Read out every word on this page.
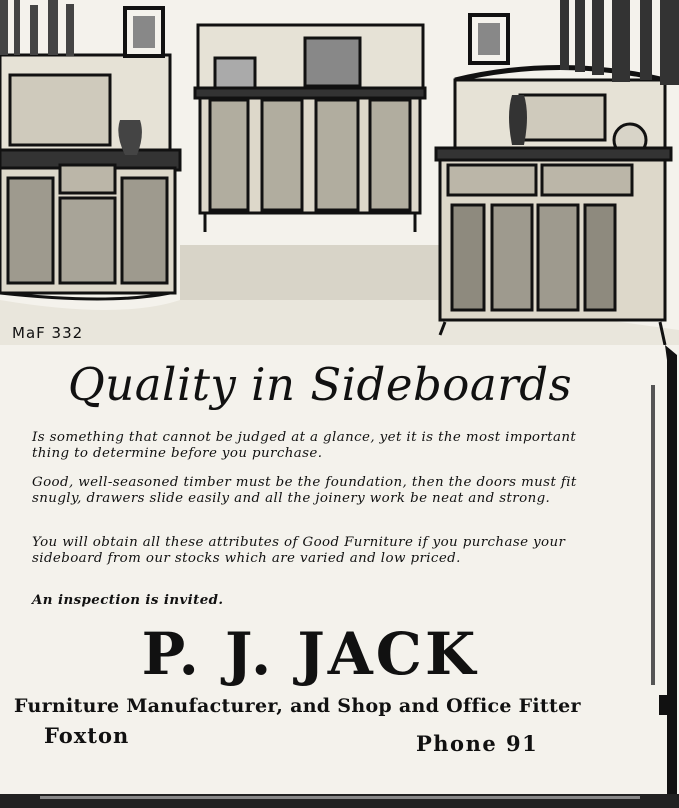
MaF 332
Quality in Sideboards
Is something that cannot be judged at a glance, yet it is the most important thing to determine before you purchase.
Good, well-seasoned timber must be the foundation, then the doors must fit snugly, drawers slide easily and all the joinery work be neat and strong.
You will obtain all these attributes of Good Furniture if you purchase your sideboard from our stocks which are varied and low priced.
An inspection is invited.
P. J. JACK
Furniture Manufacturer, and Shop and Office Fitter
Foxton	Phone 91
